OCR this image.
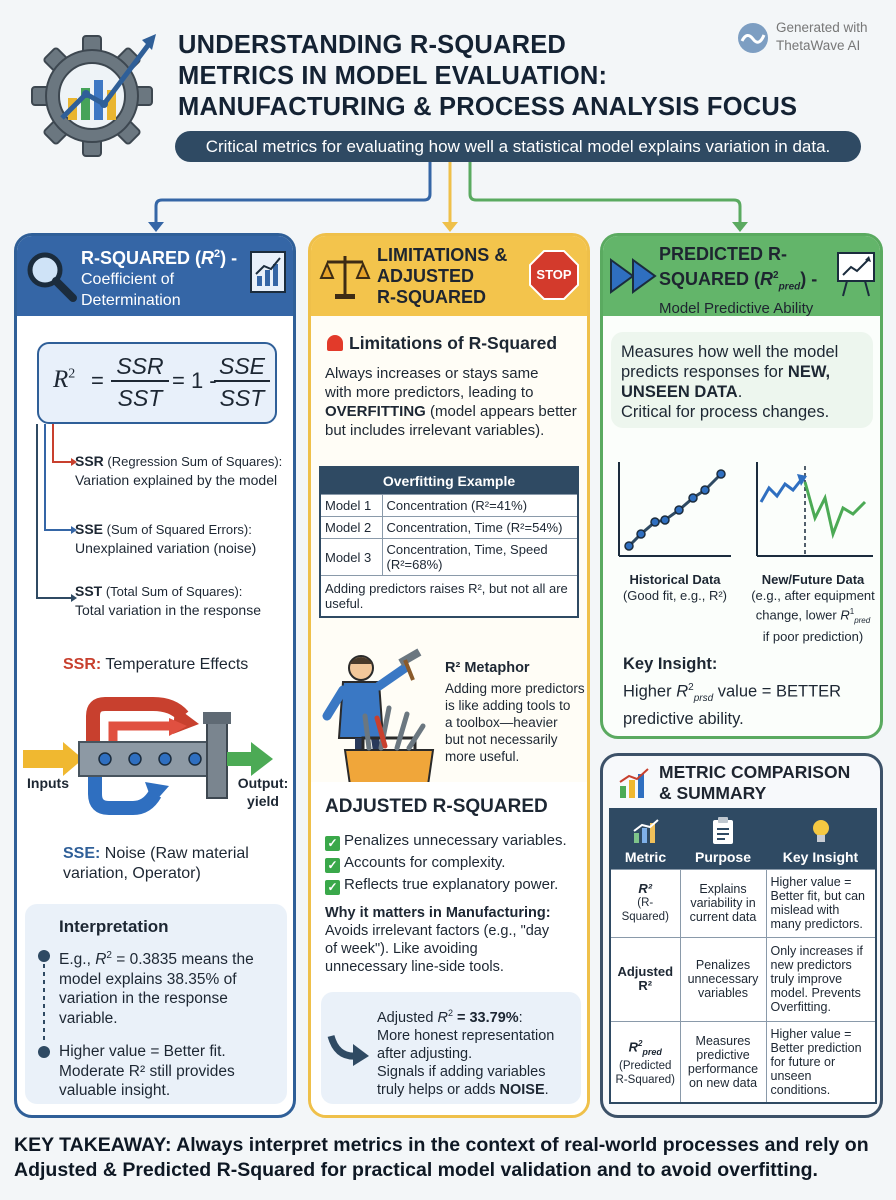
UNDERSTANDING R-SQUARED
METRICS IN MODEL EVALUATION:
MANUFACTURING & PROCESS ANALYSIS FOCUS
Generated with
ThetaWave AI
Critical metrics for evaluating how well a statistical model explains variation in data.
R-SQUARED $(R^2)$ -
Coefficient of
Determination
$R^2$ =
SSR
SST
= 1 -
SSE
SST
SSR (Regression Sum of Squares):
Variation explained by the model
SSE (Sum of Squared Errors):
Unexplained variation (noise)
SST (Total Sum of Squares):
Total variation in the response
SSR: Temperature Effects
Inputs	Output:
yield
SSE: Noise (Raw material
variation, Operator)
Interpretation
E.g., $R^2 = 0.3835$ means the
model explains 38.35% of
variation in the response
variable.
Higher value = Better fit.
Moderate R² still provides
valuable insight.
LIMITATIONS &
ADJUSTED
R-SQUARED
STOP
Limitations of R-Squared
Always increases or stays same
with more predictors, leading to
OVERFITTING (model appears better
but includes irrelevant variables).
Overfitting Example	
Model 1	Concentration (R²=41%)
Model 2	Concentration, Time (R²=54%)
Model 3	Concentration, Time, Speed (R²=68%)
Adding predictors raises R², but not all are useful.	
R² Metaphor
Adding more predictors
is like adding tools to
a toolbox—heavier
but not necessarily
more useful.
ADJUSTED R-SQUARED
✓ Penalizes unnecessary variables.
✓ Accounts for complexity.
✓ Reflects true explanatory power.
Why it matters in Manufacturing:
Avoids irrelevant factors (e.g., "day
of week"). Like avoiding
unnecessary line-side tools.
Adjusted $R^2 = 33.79\%$:
More honest representation
after adjusting.
Signals if adding variables
truly helps or adds NOISE.
PREDICTED R-
SQUARED $(R^2_{pred})$ -
Model Predictive Ability
Measures how well the model
predicts responses for NEW,
UNSEEN DATA.
Critical for process changes.
Historical Data
(Good fit, e.g., R²)
New/Future Data
(e.g., after equipment
change, lower $R^1_{pred}$
if poor prediction)
Key Insight:
Higher $R^2_{prsd}$ value = BETTER
predictive ability.
METRIC COMPARISON
& SUMMARY
Metric	Purpose	Key Insight

R²
(R-Squared)	Explains variability in current data	Higher value = Better fit, but can mislead with many predictors.
Adjusted R²	Penalizes unnecessary variables	Only increases if new predictors truly improve model. Prevents Overfitting.

$R^2_{pred}$
(Predicted R-Squared)	Measures predictive performance on new data	Higher value = Better prediction for future or unseen conditions.
KEY TAKEAWAY: Always interpret metrics in the context of real-world processes and rely on
Adjusted & Predicted R-Squared for practical model validation and to avoid overfitting.
